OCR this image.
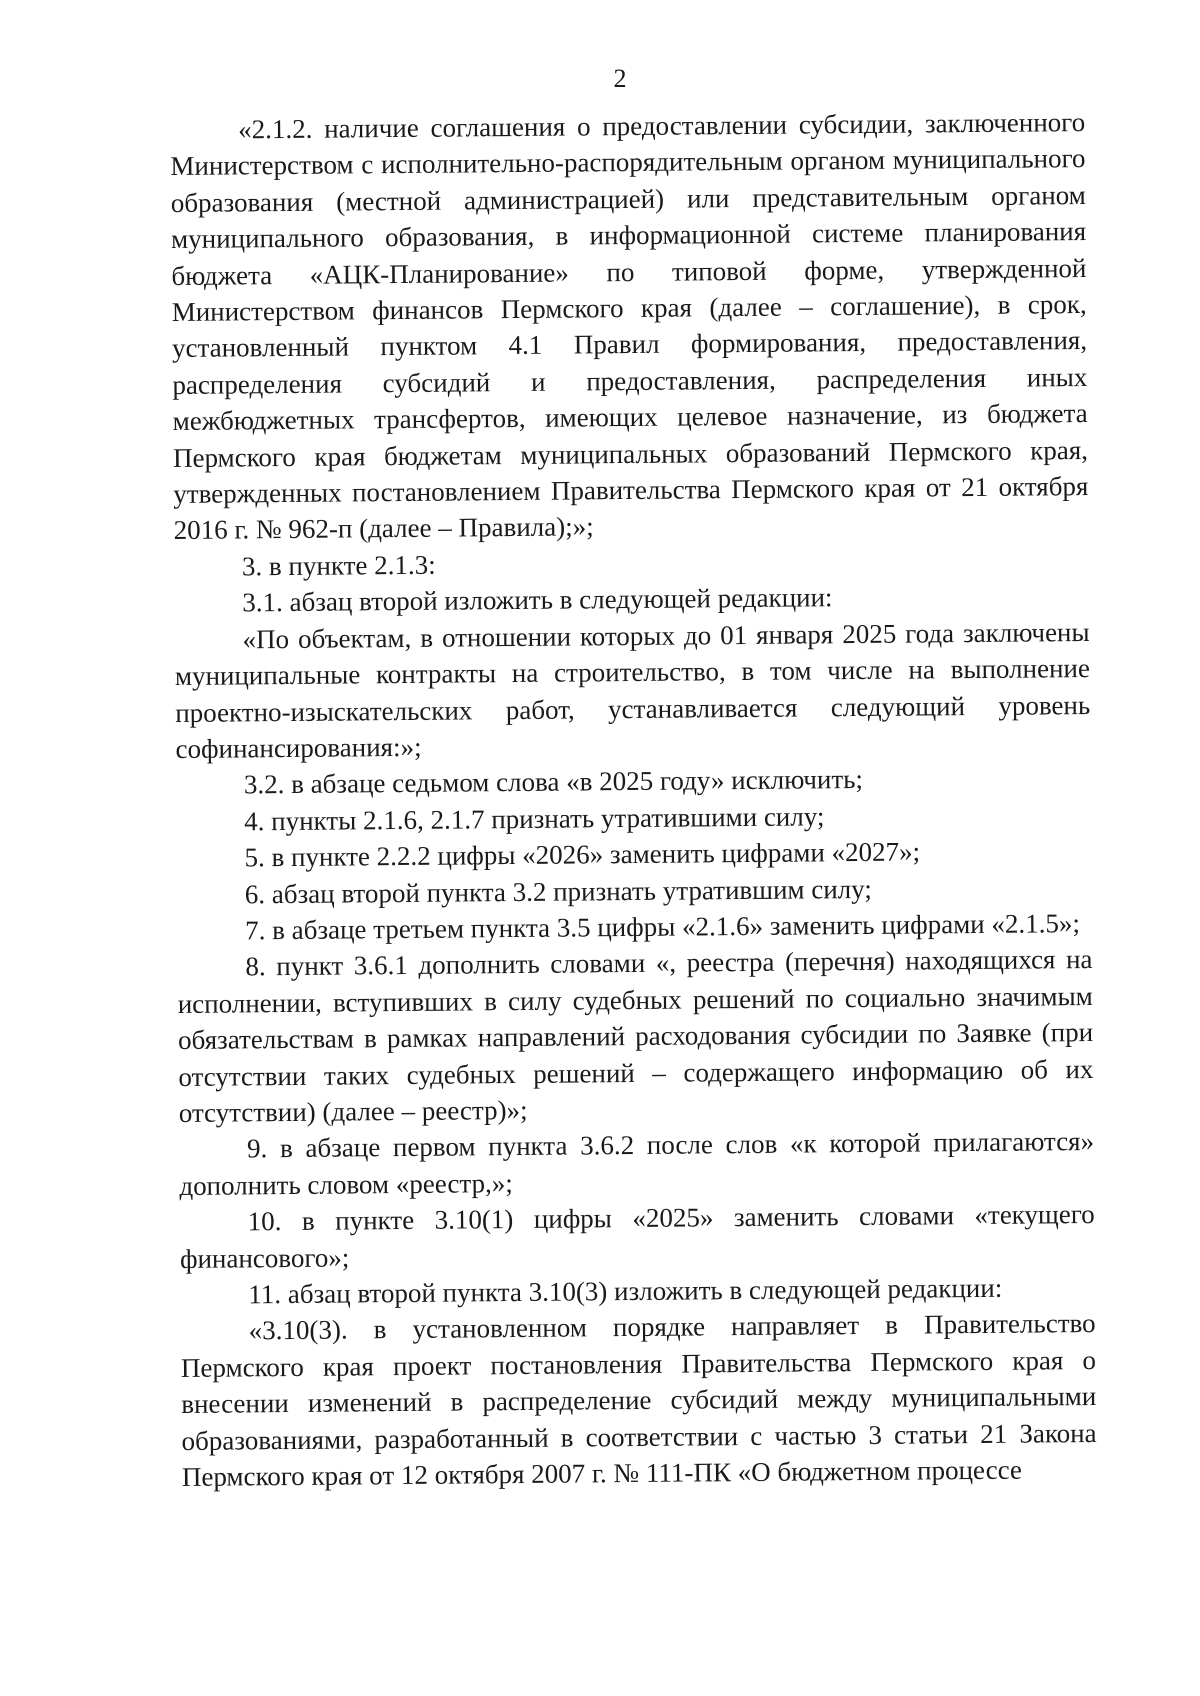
2

«2.1.2. наличие соглашения о предоставлении субсидии, заключенного Министерством с исполнительно-распорядительным органом муниципального образования (местной администрацией) или представительным органом муниципального образования, в информационной системе планирования бюджета «АЦК-Планирование» по типовой форме, утвержденной Министерством финансов Пермского края (далее – соглашение), в срок, установленный пунктом 4.1 Правил формирования, предоставления, распределения субсидий и предоставления, распределения иных межбюджетных трансфертов, имеющих целевое назначение, из бюджета Пермского края бюджетам муниципальных образований Пермского края, утвержденных постановлением Правительства Пермского края от 21 октября 2016 г. № 962-п (далее – Правила);»;

3. в пункте 2.1.3:

3.1. абзац второй изложить в следующей редакции:

«По объектам, в отношении которых до 01 января 2025 года заключены муниципальные контракты на строительство, в том числе на выполнение проектно-изыскательских работ, устанавливается следующий уровень софинансирования:»;

3.2. в абзаце седьмом слова «в 2025 году» исключить;

4. пункты 2.1.6, 2.1.7 признать утратившими силу;

5. в пункте 2.2.2 цифры «2026» заменить цифрами «2027»;

6. абзац второй пункта 3.2 признать утратившим силу;

7. в абзаце третьем пункта 3.5 цифры «2.1.6» заменить цифрами «2.1.5»;

8. пункт 3.6.1 дополнить словами «, реестра (перечня) находящихся на исполнении, вступивших в силу судебных решений по социально значимым обязательствам в рамках направлений расходования субсидии по Заявке (при отсутствии таких судебных решений – содержащего информацию об их отсутствии) (далее – реестр)»;

9. в абзаце первом пункта 3.6.2 после слов «к которой прилагаются» дополнить словом «реестр,»;

10. в пункте 3.10(1) цифры «2025» заменить словами «текущего финансового»;

11. абзац второй пункта 3.10(3) изложить в следующей редакции:

«3.10(3). в установленном порядке направляет в Правительство Пермского края проект постановления Правительства Пермского края о внесении изменений в распределение субсидий между муниципальными образованиями, разработанный в соответствии с частью 3 статьи 21 Закона Пермского края от 12 октября 2007 г. № 111-ПК «О бюджетном процессе
